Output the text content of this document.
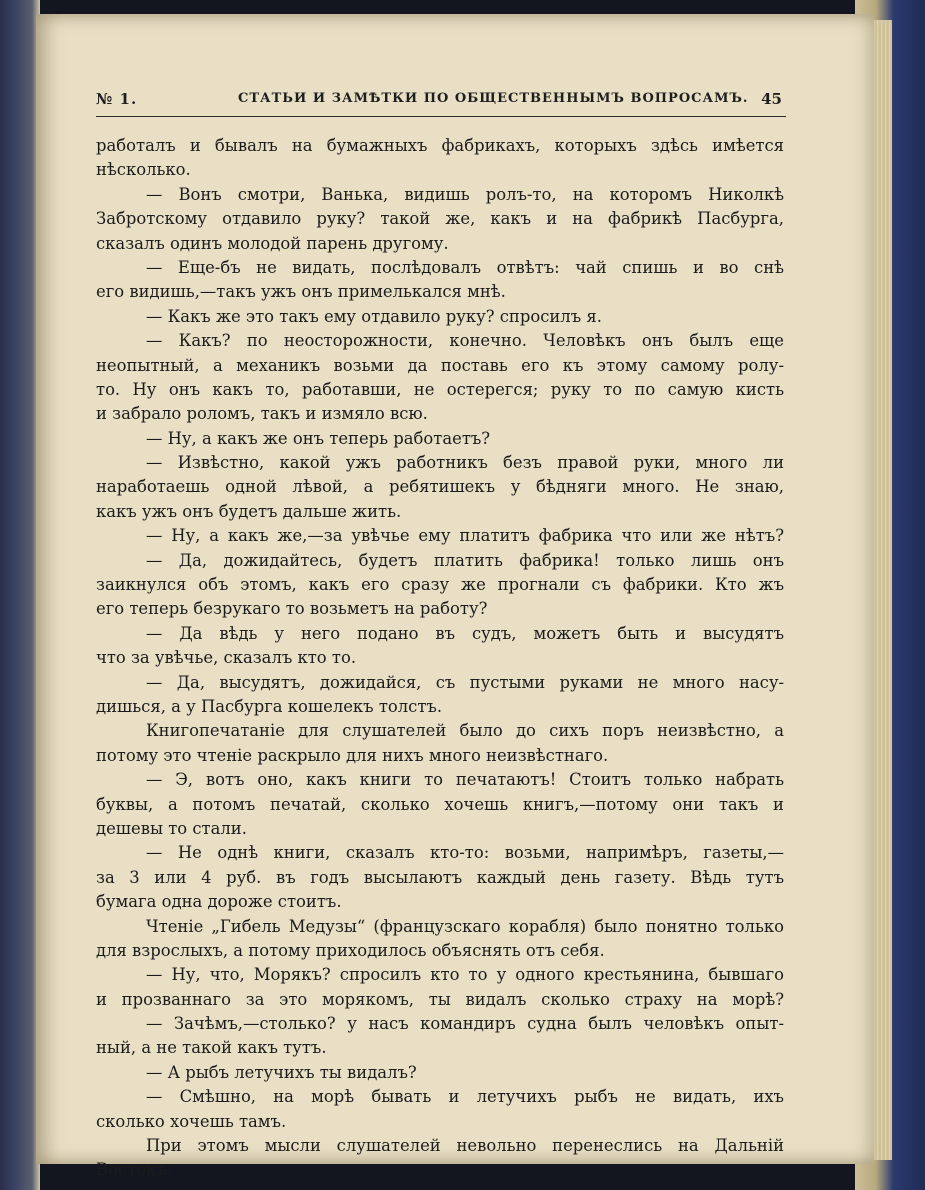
№ 1.	СТАТЬИ И ЗАМѢТКИ ПО ОБЩЕСТВЕННЫМЪ ВОПРОСАМЪ. 45
работалъ и бывалъ на бумажныхъ фабрикахъ, которыхъ здѣсь имѣется
нѣсколько.
— Вонъ смотри, Ванька, видишь ролъ-то, на которомъ Николкѣ
Забротскому отдавило руку? такой же, какъ и на фабрикѣ Пасбурга,
сказалъ одинъ молодой парень другому.
— Еще-бъ не видать, послѣдовалъ отвѣтъ: чай спишь и во снѣ
его видишь,—такъ ужъ онъ примелькался мнѣ.
— Какъ же это такъ ему отдавило руку? спросилъ я.
— Какъ? по неосторожности, конечно. Человѣкъ онъ былъ еще
неопытный, а механикъ возьми да поставь его къ этому самому ролу-
то. Ну онъ какъ то, работавши, не остерегся; руку то по самую кисть
и забрало роломъ, такъ и измяло всю.
— Ну, а какъ же онъ теперь работаетъ?
— Извѣстно, какой ужъ работникъ безъ правой руки, много ли
наработаешь одной лѣвой, а ребятишекъ у бѣдняги много. Не знаю,
какъ ужъ онъ будетъ дальше жить.
— Ну, а какъ же,—за увѣчье ему платитъ фабрика что или же нѣтъ?
— Да, дожидайтесь, будетъ платить фабрика! только лишь онъ
заикнулся объ этомъ, какъ его сразу же прогнали съ фабрики. Кто жъ
его теперь безрукаго то возьметъ на работу?
— Да вѣдь у него подано въ судъ, можетъ быть и высудятъ
что за увѣчье, сказалъ кто то.
— Да, высудятъ, дожидайся, съ пустыми руками не много насу-
дишься, а у Пасбурга кошелекъ толстъ.
Книгопечатаніе для слушателей было до сихъ поръ неизвѣстно, а
потому это чтеніе раскрыло для нихъ много неизвѣстнаго.
— Э, вотъ оно, какъ книги то печатаютъ! Стоитъ только набрать
буквы, а потомъ печатай, сколько хочешь книгъ,—потому они такъ и
дешевы то стали.
— Не однѣ книги, сказалъ кто-то: возьми, напримѣръ, газеты,—
за 3 или 4 руб. въ годъ высылаютъ каждый день газету. Вѣдь тутъ
бумага одна дороже стоитъ.
Чтеніе „Гибель Медузы“ (французскаго корабля) было понятно только
для взрослыхъ, а потому приходилось объяснять отъ себя.
— Ну, что, Морякъ? спросилъ кто то у одного крестьянина, бывшаго
и прозваннаго за это морякомъ, ты видалъ сколько страху на морѣ?
— Зачѣмъ,—столько? у насъ командиръ судна былъ человѣкъ опыт-
ный, а не такой какъ тутъ.
— А рыбъ летучихъ ты видалъ?
— Смѣшно, на морѣ бывать и летучихъ рыбъ не видать, ихъ
сколько хочешь тамъ.
При этомъ мысли слушателей невольно перенеслись на Дальній
Востокъ.
